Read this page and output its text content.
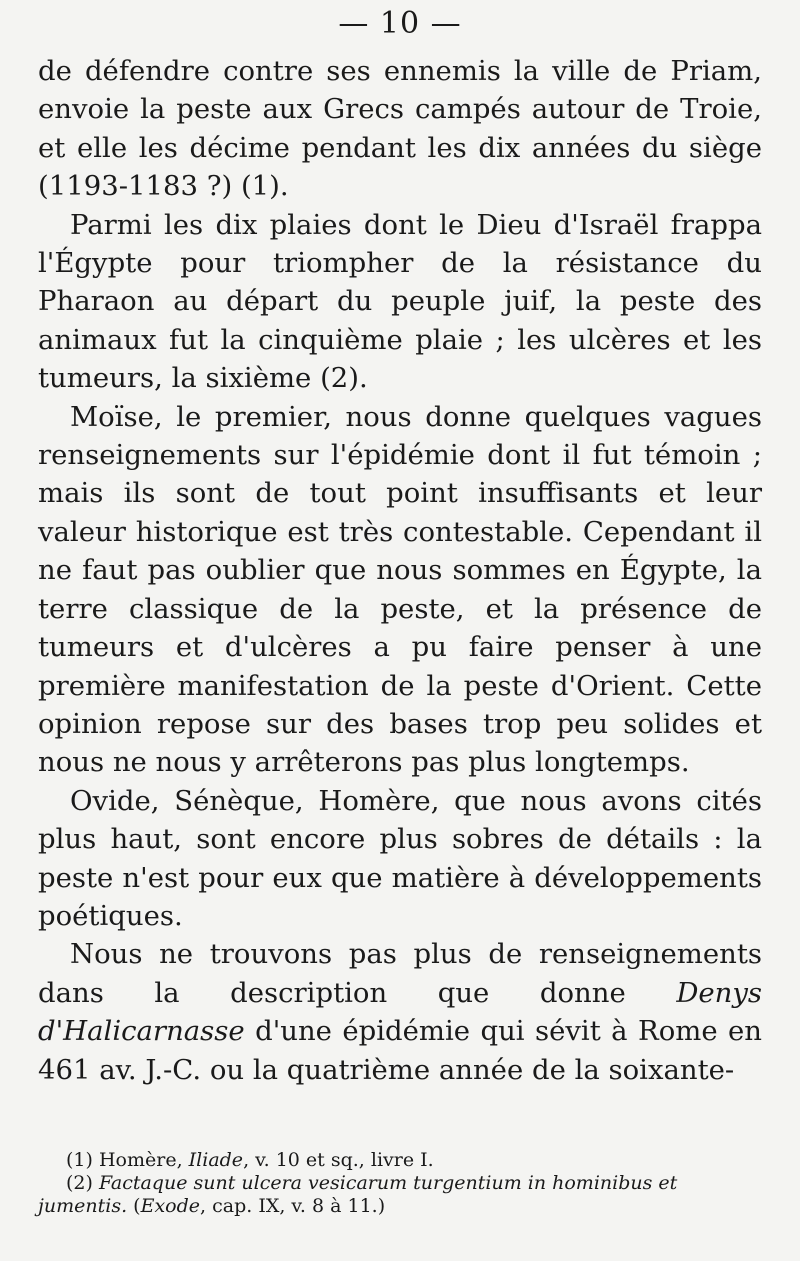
— 10 —

de défendre contre ses ennemis la ville de Priam, envoie la peste aux Grecs campés autour de Troie, et elle les décime pendant les dix années du siège (1193-1183 ?) (1).

Parmi les dix plaies dont le Dieu d'Israël frappa l'Égypte pour triompher de la résistance du Pharaon au départ du peuple juif, la peste des animaux fut la cinquième plaie ; les ulcères et les tumeurs, la sixième (2).

Moïse, le premier, nous donne quelques vagues renseignements sur l'épidémie dont il fut témoin ; mais ils sont de tout point insuffisants et leur valeur historique est très contestable. Cependant il ne faut pas oublier que nous sommes en Égypte, la terre classique de la peste, et la présence de tumeurs et d'ulcères a pu faire penser à une première manifestation de la peste d'Orient. Cette opinion repose sur des bases trop peu solides et nous ne nous y arrêterons pas plus longtemps.

Ovide, Sénèque, Homère, que nous avons cités plus haut, sont encore plus sobres de détails : la peste n'est pour eux que matière à développements poétiques.

Nous ne trouvons pas plus de renseignements dans la description que donne Denys d'Halicarnasse d'une épidémie qui sévit à Rome en 461 av. J.-C. ou la quatrième année de la soixante-

(1) Homère, Iliade, v. 10 et sq., livre I.

(2) Factaque sunt ulcera vesicarum turgentium in hominibus et jumentis. (Exode, cap. IX, v. 8 à 11.)
